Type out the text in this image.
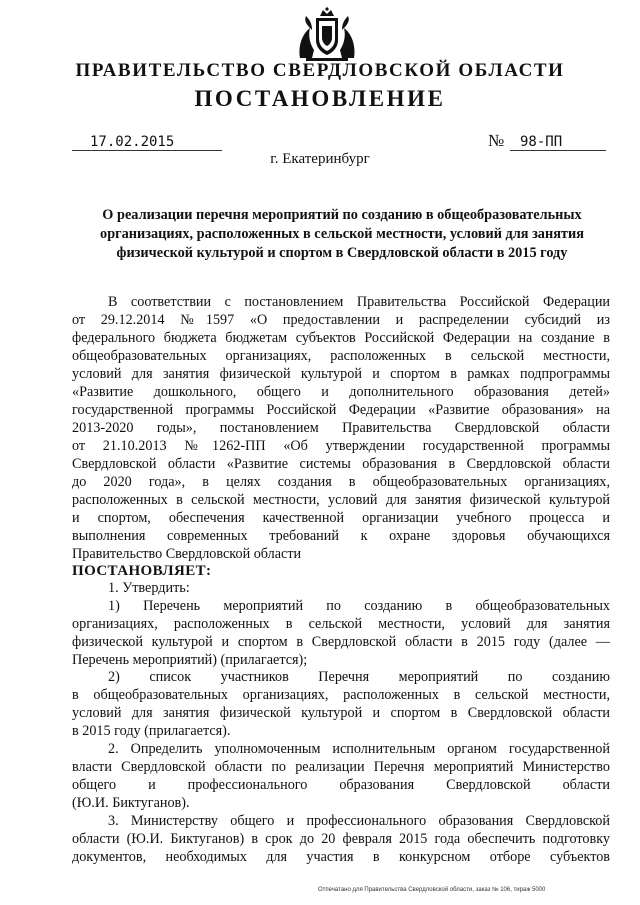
ПРАВИТЕЛЬСТВО СВЕРДЛОВСКОЙ ОБЛАСТИ
ПОСТАНОВЛЕНИЕ
17.02.2015	№	98-ПП
г. Екатеринбург
О реализации перечня мероприятий по созданию в общеобразовательных
организациях, расположенных в сельской местности, условий для занятия
физической культурой и спортом в Свердловской области в 2015 году
В соответствии с постановлением Правительства Российской Федерации
от 29.12.2014 №1597 «О предоставлении и распределении субсидий из
федерального бюджета бюджетам субъектов Российской Федерации на создание в
общеобразовательных организациях, расположенных в сельской местности,
условий для занятия физической культурой и спортом в рамках подпрограммы
«Развитие дошкольного, общего и дополнительного образования детей»
государственной программы Российской Федерации «Развитие образования» на
2013-2020 годы», постановлением Правительства Свердловской области
от 21.10.2013 №1262-ПП «Об утверждении государственной программы
Свердловской области «Развитие системы образования в Свердловской области
до 2020 года», в целях создания в общеобразовательных организациях,
расположенных в сельской местности, условий для занятия физической культурой
и спортом, обеспечения качественной организации учебного процесса и
выполнения современных требований к охране здоровья обучающихся
Правительство Свердловской области
ПОСТАНОВЛЯЕТ:
1. Утвердить:
1) Перечень мероприятий по созданию в общеобразовательных
организациях, расположенных в сельской местности, условий для занятия
физической культурой и спортом в Свердловской области в 2015 году (далее —
Перечень мероприятий) (прилагается);
2) список участников Перечня мероприятий по созданию
в общеобразовательных организациях, расположенных в сельской местности,
условий для занятия физической культурой и спортом в Свердловской области
в 2015 году (прилагается).
2. Определить уполномоченным исполнительным органом государственной
власти Свердловской области по реализации Перечня мероприятий Министерство
общего и профессионального образования Свердловской области
(Ю.И. Биктуганов).
3. Министерству общего и профессионального образования Свердловской
области (Ю.И. Биктуганов) в срок до 20 февраля 2015 года обеспечить подготовку
документов, необходимых для участия в конкурсном отборе субъектов
Отпечатано для Правительства Свердловской области, заказ № 106, тираж 5000
